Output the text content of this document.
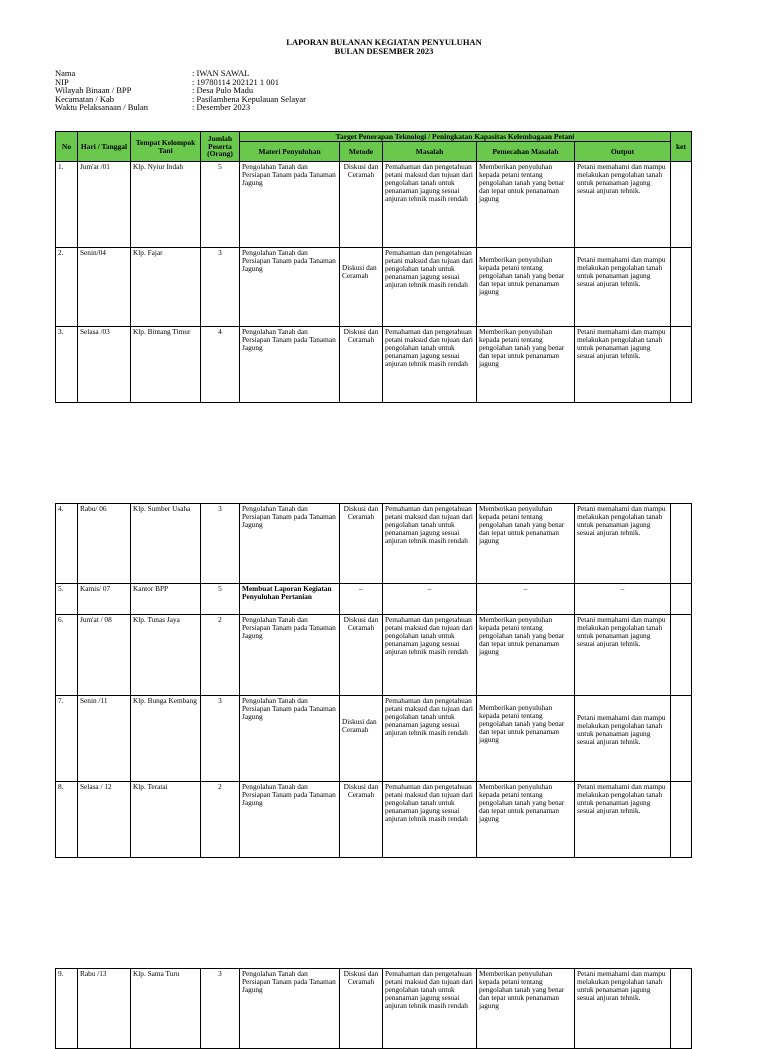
LAPORAN BULANAN KEGIATAN PENYULUHAN
BULAN DESEMBER 2023
Nama	: IWAN SAWAL
NIP	: 19780114 202121 1 001
Wilayah Binaan / BPP	: Desa Pulo Madu
Kecamatan / Kab	: Pasilambena Kepulauan Selayar
Waktu Pelaksanaan / Bulan	: Desember 2023
No	Hari / Tanggal	Tempat Kelompok Tani	Jumlah Peserta (Orang)	Target Penerapan Teknologi / Peningkatan Kapasitas Kelembagaan Petani					ket
				Materi Penyuluhan	Metode	Masalah	Pemecahan Masalah	Output	
1.	Jum'at /01	Klp. Nyiur Indah	5	Pengolahan Tanah dan Persiapan Tanam pada Tanaman Jagung	Diskusi dan Ceramah	Pemahaman dan pengetahuan petani maksud dan tujuan dari pengolahan tanah untuk penanaman jagung sesuai anjuran tehnik masih rendah	Memberikan penyuluhan kepada petani tentang pengolahan tanah yang benar dan tepat untuk penanaman jagung	Petani memahami dan mampu melakukan pengolahan tanah untuk penanaman jagung sesuai anjuran tehnik.	
2.	Senin/04	Klp. Fajar	3	Pengolahan Tanah dan Persiapan Tanam pada Tanaman Jagung	Diskusi dan Ceramah	Pemahaman dan pengetahuan petani maksud dan tujuan dari pengolahan tanah untuk penanaman jagung sesuai anjuran tehnik masih rendah	Memberikan penyuluhan kepada petani tentang pengolahan tanah yang benar dan tepat untuk penanaman jagung	Petani memahami dan mampu melakukan pengolahan tanah untuk penanaman jagung sesuai anjuran tehnik.	
3.	Selasa /03	Klp. Bintang Timur	4	Pengolahan Tanah dan Persiapan Tanam pada Tanaman Jagung	Diskusi dan Ceramah	Pemahaman dan pengetahuan petani maksud dan tujuan dari pengolahan tanah untuk penanaman jagung sesuai anjuran tehnik masih rendah	Memberikan penyuluhan kepada petani tentang pengolahan tanah yang benar dan tepat untuk penanaman jagung	Petani memahami dan mampu melakukan pengolahan tanah untuk penanaman jagung sesuai anjuran tehnik.	
4.	Rabu/ 06	Klp. Sumber Usaha	3	Pengolahan Tanah dan Persiapan Tanam pada Tanaman Jagung	Diskusi dan Ceramah	Pemahaman dan pengetahuan petani maksud dan tujuan dari pengolahan tanah untuk penanaman jagung sesuai anjuran tehnik masih rendah	Memberikan penyuluhan kepada petani tentang pengolahan tanah yang benar dan tepat untuk penanaman jagung	Petani memahami dan mampu melakukan pengolahan tanah untuk penanaman jagung sesuai anjuran tehnik.	
5.	Kamis/ 07	Kantor BPP	5	Membuat Laporan Kegiatan Penyuluhan Pertanian	–	–	–	–	
6.	Jum'at / 08	Klp. Tunas Jaya	2	Pengolahan Tanah dan Persiapan Tanam pada Tanaman Jagung	Diskusi dan Ceramah	Pemahaman dan pengetahuan petani maksud dan tujuan dari pengolahan tanah untuk penanaman jagung sesuai anjuran tehnik masih rendah	Memberikan penyuluhan kepada petani tentang pengolahan tanah yang benar dan tepat untuk penanaman jagung	Petani memahami dan mampu melakukan pengolahan tanah untuk penanaman jagung sesuai anjuran tehnik.	
7.	Senin /11	Klp. Bunga Kembang	3	Pengolahan Tanah dan Persiapan Tanam pada Tanaman Jagung	Diskusi dan Ceramah	Pemahaman dan pengetahuan petani maksud dan tujuan dari pengolahan tanah untuk penanaman jagung sesuai anjuran tehnik masih rendah	Memberikan penyuluhan kepada petani tentang pengolahan tanah yang benar dan tepat untuk penanaman jagung	Petani memahami dan mampu melakukan pengolahan tanah untuk penanaman jagung sesuai anjuran tehnik.	
8.	Selasa / 12	Klp. Teratai	2	Pengolahan Tanah dan Persiapan Tanam pada Tanaman Jagung	Diskusi dan Ceramah	Pemahaman dan pengetahuan petani maksud dan tujuan dari pengolahan tanah untuk penanaman jagung sesuai anjuran tehnik masih rendah	Memberikan penyuluhan kepada petani tentang pengolahan tanah yang benar dan tepat untuk penanaman jagung	Petani memahami dan mampu melakukan pengolahan tanah untuk penanaman jagung sesuai anjuran tehnik.	
9.	Rabu /13	Klp. Sama Turu	3	Pengolahan Tanah dan Persiapan Tanam pada Tanaman Jagung	Diskusi dan Ceramah	Pemahaman dan pengetahuan petani maksud dan tujuan dari pengolahan tanah untuk penanaman jagung sesuai anjuran tehnik masih rendah	Memberikan penyuluhan kepada petani tentang pengolahan tanah yang benar dan tepat untuk penanaman jagung	Petani memahami dan mampu melakukan pengolahan tanah untuk penanaman jagung sesuai anjuran tehnik.	
